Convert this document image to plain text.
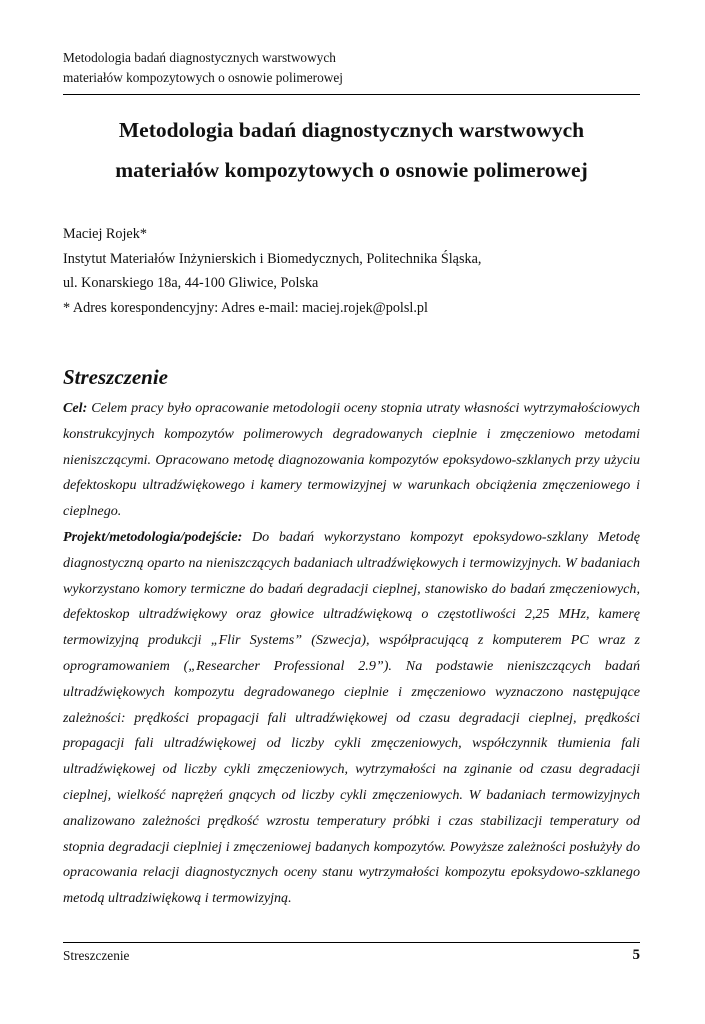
Metodologia badań diagnostycznych warstwowych
materiałów kompozytowych o osnowie polimerowej
Metodologia badań diagnostycznych warstwowych
materiałów kompozytowych o osnowie polimerowej
Maciej Rojek*
Instytut Materiałów Inżynierskich i Biomedycznych, Politechnika Śląska,
ul. Konarskiego 18a, 44-100 Gliwice, Polska
* Adres korespondencyjny: Adres e-mail: maciej.rojek@polsl.pl
Streszczenie

Cel: Celem pracy było opracowanie metodologii oceny stopnia utraty własności wytrzymałościowych konstrukcyjnych kompozytów polimerowych degradowanych cieplnie i zmęczeniowo metodami nieniszczącymi. Opracowano metodę diagnozowania kompozytów epoksydowo-szklanych przy użyciu defektoskopu ultradźwiękowego i kamery termowizyjnej w warunkach obciążenia zmęczeniowego i cieplnego.

Projekt/metodologia/podejście: Do badań wykorzystano kompozyt epoksydowo-szklany Metodę diagnostyczną oparto na nieniszczących badaniach ultradźwiękowych i termowizyjnych. W badaniach wykorzystano komory termiczne do badań degradacji cieplnej, stanowisko do badań zmęczeniowych, defektoskop ultradźwiękowy oraz głowice ultradźwiękową o częstotliwości 2,25 MHz, kamerę termowizyjną produkcji „Flir Systems” (Szwecja), współpracującą z komputerem PC wraz z oprogramowaniem („Researcher Professional 2.9”). Na podstawie nieniszczących badań ultradźwiękowych kompozytu degradowanego cieplnie i zmęczeniowo wyznaczono następujące zależności: prędkości propagacji fali ultradźwiękowej od czasu degradacji cieplnej, prędkości propagacji fali ultradźwiękowej od liczby cykli zmęczeniowych, współczynnik tłumienia fali ultradźwiękowej od liczby cykli zmęczeniowych, wytrzymałości na zginanie od czasu degradacji cieplnej, wielkość naprężeń gnących od liczby cykli zmęczeniowych. W badaniach termowizyjnych analizowano zależności prędkość wzrostu temperatury próbki i czas stabilizacji temperatury od stopnia degradacji cieplniej i zmęczeniowej badanych kompozytów. Powyższe zależności posłużyły do opracowania relacji diagnostycznych oceny stanu wytrzymałości kompozytu epoksydowo-szklanego metodą ultradziwiękową i termowizyjną.

Streszczenie	5
